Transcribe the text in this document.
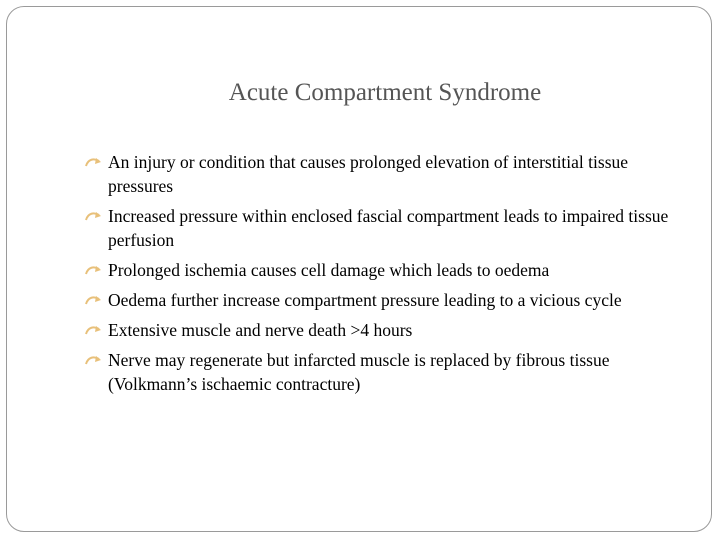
Acute Compartment Syndrome
An injury or condition that causes prolonged elevation of interstitial tissue pressures
Increased pressure within enclosed fascial compartment leads to impaired tissue perfusion
Prolonged ischemia causes cell damage which leads to oedema
Oedema further increase compartment pressure leading to a vicious cycle
Extensive muscle and nerve death >4 hours
Nerve may regenerate but infarcted muscle is replaced by fibrous tissue (Volkmann’s ischaemic contracture)
